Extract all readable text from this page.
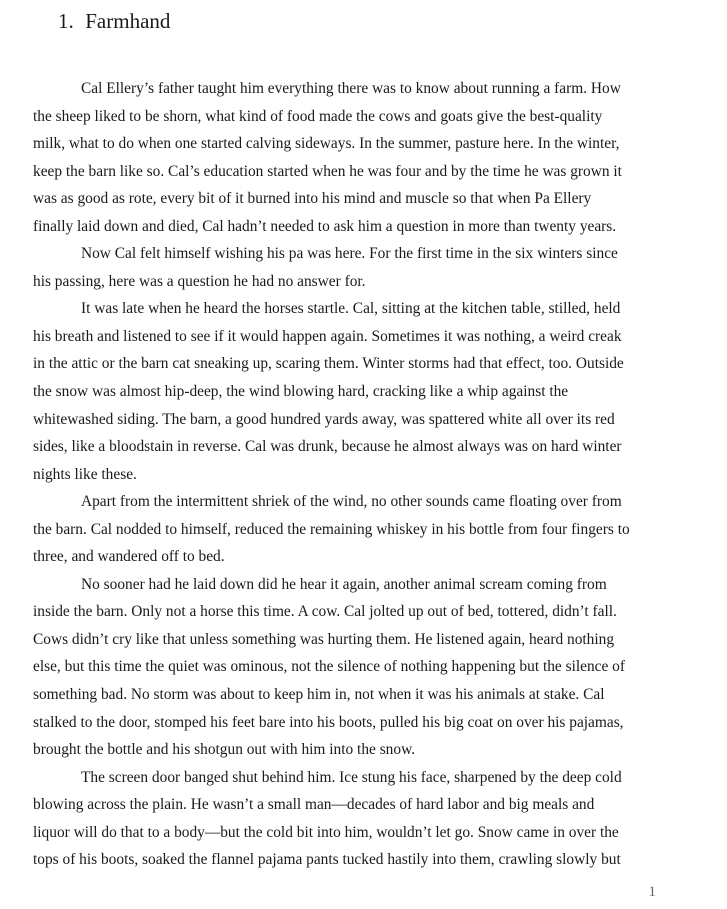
1. Farmhand
Cal Ellery’s father taught him everything there was to know about running a farm. How
the sheep liked to be shorn, what kind of food made the cows and goats give the best-quality
milk, what to do when one started calving sideways. In the summer, pasture here. In the winter,
keep the barn like so. Cal’s education started when he was four and by the time he was grown it
was as good as rote, every bit of it burned into his mind and muscle so that when Pa Ellery
finally laid down and died, Cal hadn’t needed to ask him a question in more than twenty years.
Now Cal felt himself wishing his pa was here. For the first time in the six winters since
his passing, here was a question he had no answer for.
It was late when he heard the horses startle. Cal, sitting at the kitchen table, stilled, held
his breath and listened to see if it would happen again. Sometimes it was nothing, a weird creak
in the attic or the barn cat sneaking up, scaring them. Winter storms had that effect, too. Outside
the snow was almost hip-deep, the wind blowing hard, cracking like a whip against the
whitewashed siding. The barn, a good hundred yards away, was spattered white all over its red
sides, like a bloodstain in reverse. Cal was drunk, because he almost always was on hard winter
nights like these.
Apart from the intermittent shriek of the wind, no other sounds came floating over from
the barn. Cal nodded to himself, reduced the remaining whiskey in his bottle from four fingers to
three, and wandered off to bed.
No sooner had he laid down did he hear it again, another animal scream coming from
inside the barn. Only not a horse this time. A cow. Cal jolted up out of bed, tottered, didn’t fall.
Cows didn’t cry like that unless something was hurting them. He listened again, heard nothing
else, but this time the quiet was ominous, not the silence of nothing happening but the silence of
something bad. No storm was about to keep him in, not when it was his animals at stake. Cal
stalked to the door, stomped his feet bare into his boots, pulled his big coat on over his pajamas,
brought the bottle and his shotgun out with him into the snow.
The screen door banged shut behind him. Ice stung his face, sharpened by the deep cold
blowing across the plain. He wasn’t a small man—decades of hard labor and big meals and
liquor will do that to a body—but the cold bit into him, wouldn’t let go. Snow came in over the
tops of his boots, soaked the flannel pajama pants tucked hastily into them, crawling slowly but
1
